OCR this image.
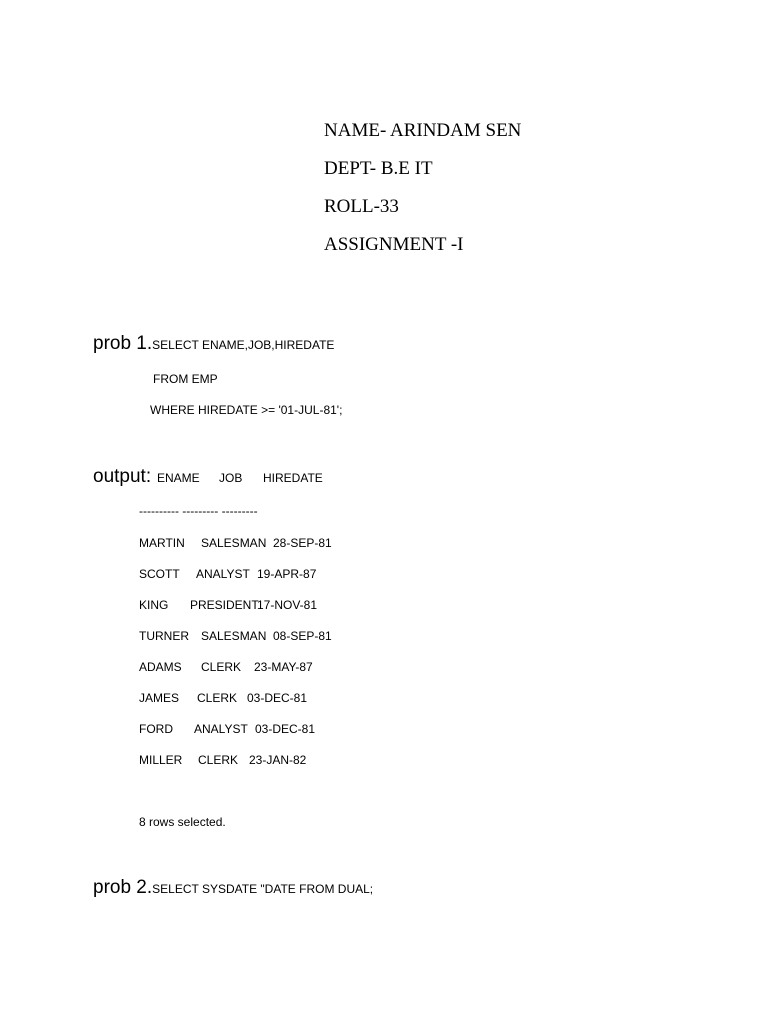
NAME- ARINDAM SEN
DEPT- B.E IT
ROLL-33
ASSIGNMENT -I
prob 1.SELECT ENAME,JOB,HIREDATE
FROM EMP
WHERE HIREDATE >= '01-JUL-81';

output:

ENAME

JOB

HIREDATE

---------- --------- ---------

MARTIN

SALESMAN

28-SEP-81

SCOTT

ANALYST

19-APR-87

KING

PRESIDENT

17-NOV-81

TURNER

SALESMAN

08-SEP-81

ADAMS

CLERK

23-MAY-87

JAMES

CLERK

03-DEC-81

FORD

ANALYST

03-DEC-81

MILLER

CLERK

23-JAN-82

8 rows selected.
prob 2.SELECT SYSDATE "DATE FROM DUAL;
